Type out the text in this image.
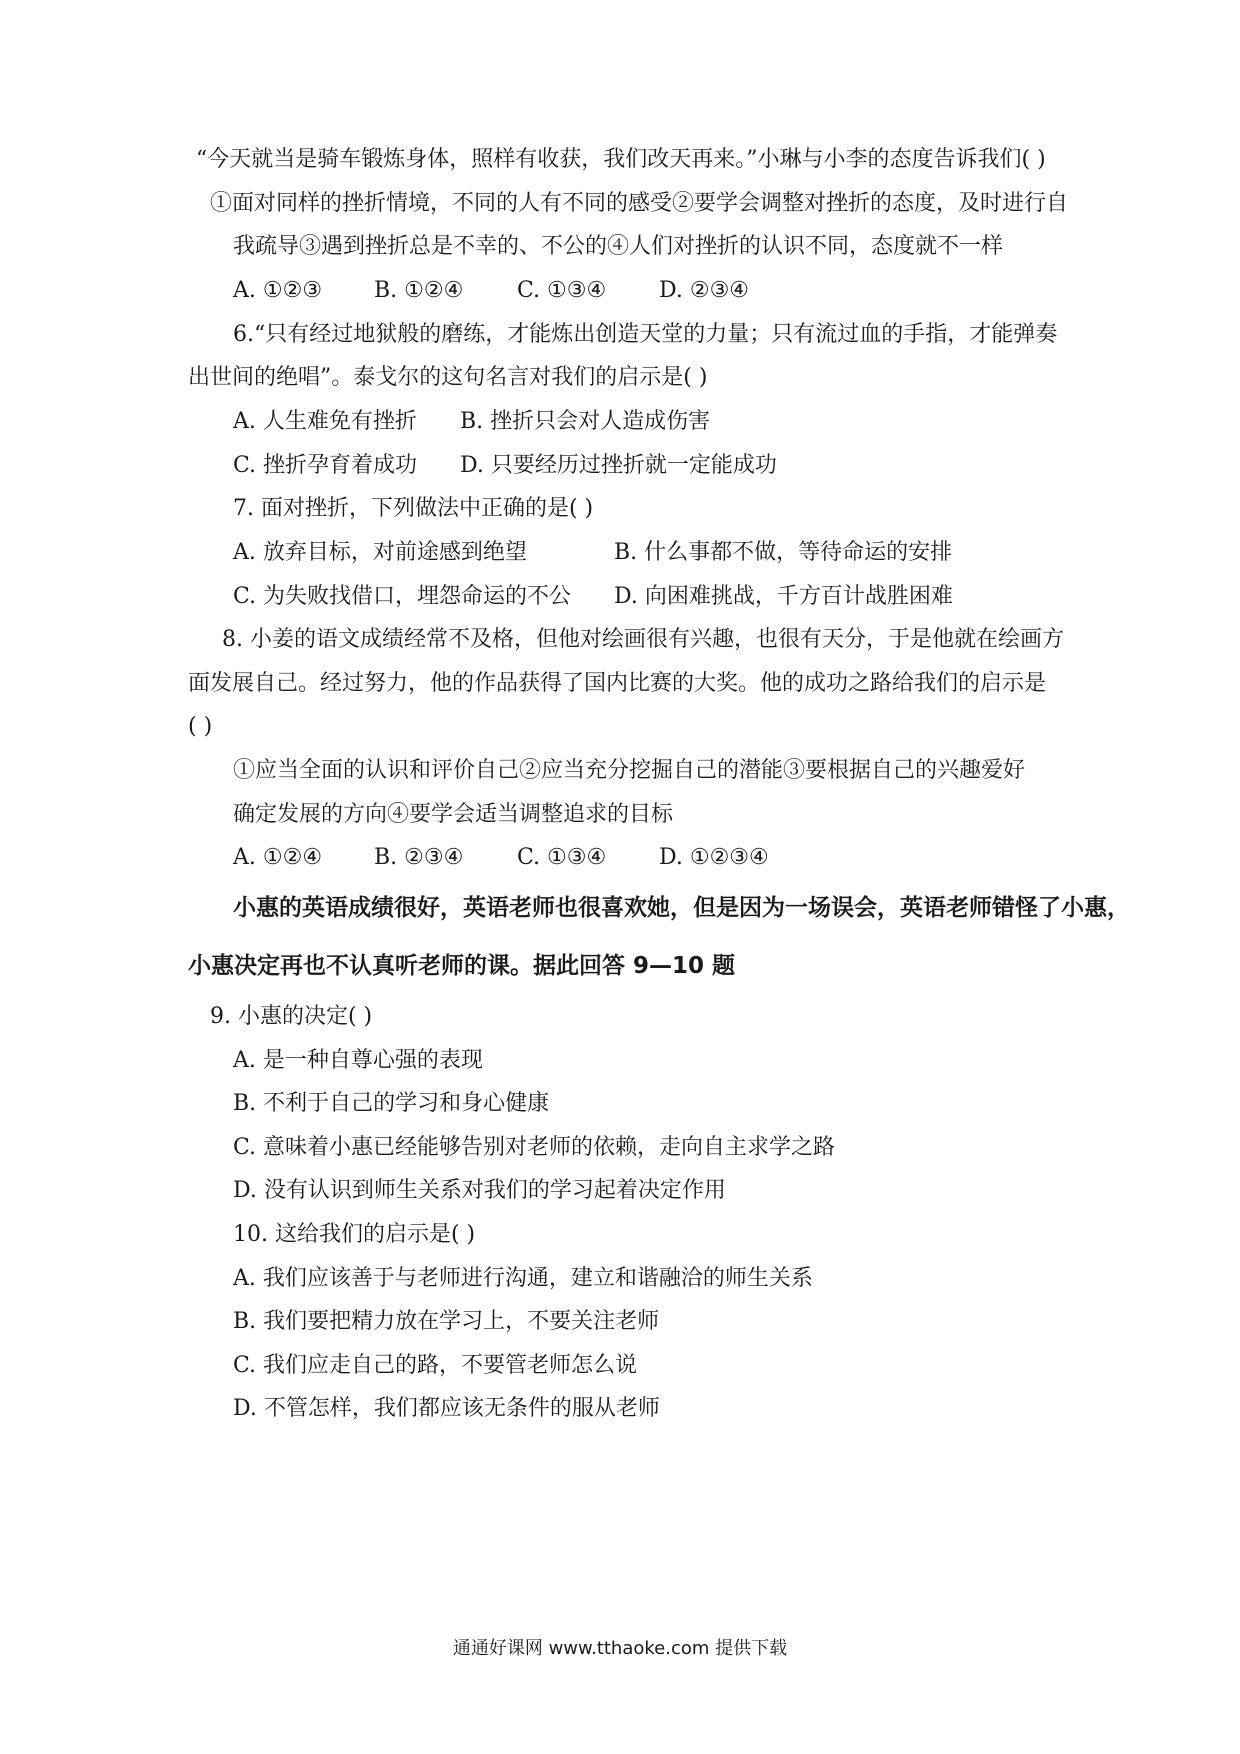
“今天就当是骑车锻炼身体，照样有收获，我们改天再来。”小琳与小李的态度告诉我们( )
①面对同样的挫折情境，不同的人有不同的感受②要学会调整对挫折的态度，及时进行自
我疏导③遇到挫折总是不幸的、不公的④人们对挫折的认识不同，态度就不一样
A. ①②③ B. ①②④ C. ①③④ D. ②③④
6.“只有经过地狱般的磨练，才能炼出创造天堂的力量；只有流过血的手指，才能弹奏
出世间的绝唱”。泰戈尔的这句名言对我们的启示是( )
A. 人生难免有挫折 B. 挫折只会对人造成伤害
C. 挫折孕育着成功 D. 只要经历过挫折就一定能成功
7. 面对挫折，下列做法中正确的是( )
A. 放弃目标，对前途感到绝望	B. 什么事都不做，等待命运的安排
C. 为失败找借口，埋怨命运的不公 D. 向困难挑战，千方百计战胜困难
8. 小姜的语文成绩经常不及格，但他对绘画很有兴趣，也很有天分，于是他就在绘画方
面发展自己。经过努力，他的作品获得了国内比赛的大奖。他的成功之路给我们的启示是
( )
①应当全面的认识和评价自己②应当充分挖掘自己的潜能③要根据自己的兴趣爱好
确定发展的方向④要学会适当调整追求的目标
A. ①②④ B. ②③④ C. ①③④ D. ①②③④
小惠的英语成绩很好，英语老师也很喜欢她，但是因为一场误会，英语老师错怪了小惠，
小惠决定再也不认真听老师的课。据此回答 9—10 题
9. 小惠的决定( )
A. 是一种自尊心强的表现
B. 不利于自己的学习和身心健康
C. 意味着小惠已经能够告别对老师的依赖，走向自主求学之路
D. 没有认识到师生关系对我们的学习起着决定作用
10. 这给我们的启示是( )
A. 我们应该善于与老师进行沟通，建立和谐融洽的师生关系
B. 我们要把精力放在学习上，不要关注老师
C. 我们应走自己的路，不要管老师怎么说
D. 不管怎样，我们都应该无条件的服从老师
通通好课网 www.tthaoke.com 提供下载
